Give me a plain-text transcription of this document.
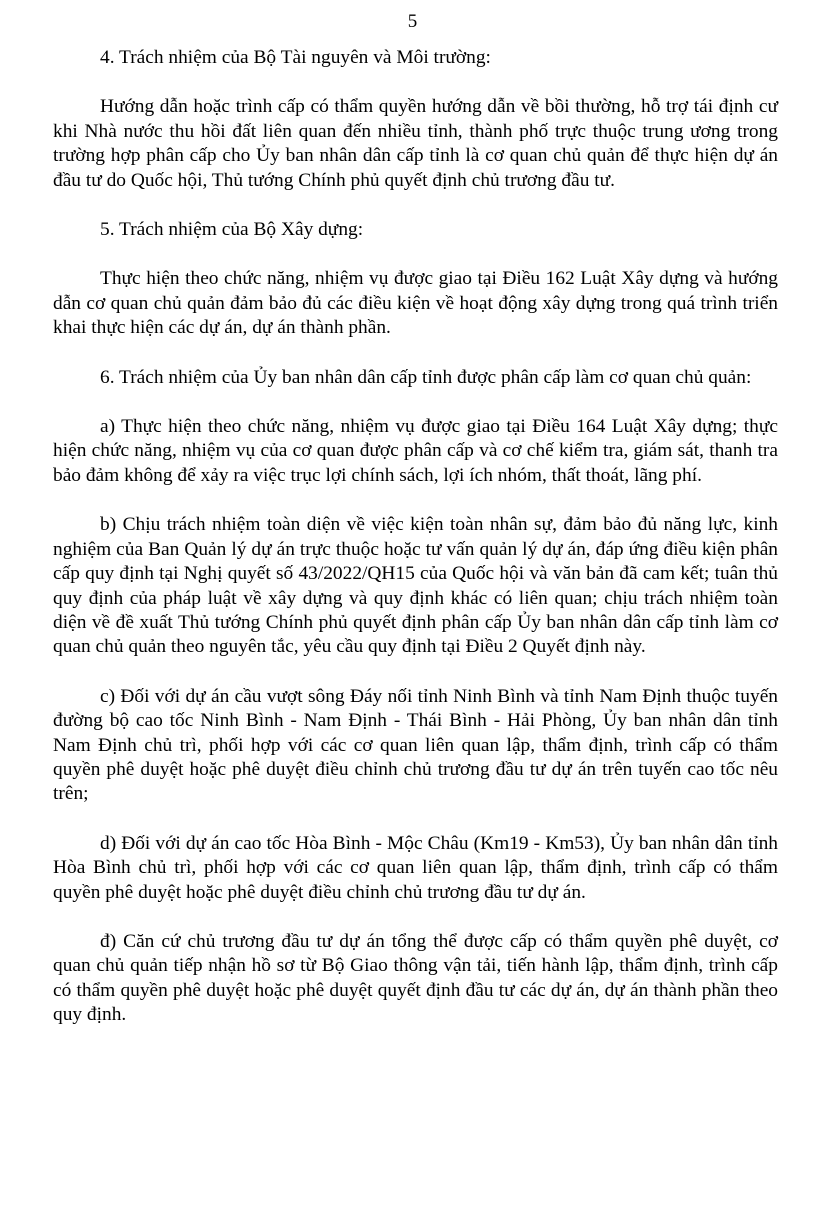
5

4. Trách nhiệm của Bộ Tài nguyên và Môi trường:

Hướng dẫn hoặc trình cấp có thẩm quyền hướng dẫn về bồi thường, hỗ trợ tái định cư khi Nhà nước thu hồi đất liên quan đến nhiều tỉnh, thành phố trực thuộc trung ương trong trường hợp phân cấp cho Ủy ban nhân dân cấp tỉnh là cơ quan chủ quản để thực hiện dự án đầu tư do Quốc hội, Thủ tướng Chính phủ quyết định chủ trương đầu tư.

5. Trách nhiệm của Bộ Xây dựng:

Thực hiện theo chức năng, nhiệm vụ được giao tại Điều 162 Luật Xây dựng và hướng dẫn cơ quan chủ quản đảm bảo đủ các điều kiện về hoạt động xây dựng trong quá trình triển khai thực hiện các dự án, dự án thành phần.

6. Trách nhiệm của Ủy ban nhân dân cấp tỉnh được phân cấp làm cơ quan chủ quản:

a) Thực hiện theo chức năng, nhiệm vụ được giao tại Điều 164 Luật Xây dựng; thực hiện chức năng, nhiệm vụ của cơ quan được phân cấp và cơ chế kiểm tra, giám sát, thanh tra bảo đảm không để xảy ra việc trục lợi chính sách, lợi ích nhóm, thất thoát, lãng phí.

b) Chịu trách nhiệm toàn diện về việc kiện toàn nhân sự, đảm bảo đủ năng lực, kinh nghiệm của Ban Quản lý dự án trực thuộc hoặc tư vấn quản lý dự án, đáp ứng điều kiện phân cấp quy định tại Nghị quyết số 43/2022/QH15 của Quốc hội và văn bản đã cam kết; tuân thủ quy định của pháp luật về xây dựng và quy định khác có liên quan; chịu trách nhiệm toàn diện về đề xuất Thủ tướng Chính phủ quyết định phân cấp Ủy ban nhân dân cấp tỉnh làm cơ quan chủ quản theo nguyên tắc, yêu cầu quy định tại Điều 2 Quyết định này.

c) Đối với dự án cầu vượt sông Đáy nối tỉnh Ninh Bình và tỉnh Nam Định thuộc tuyến đường bộ cao tốc Ninh Bình - Nam Định - Thái Bình - Hải Phòng, Ủy ban nhân dân tỉnh Nam Định chủ trì, phối hợp với các cơ quan liên quan lập, thẩm định, trình cấp có thẩm quyền phê duyệt hoặc phê duyệt điều chỉnh chủ trương đầu tư dự án trên tuyến cao tốc nêu trên;

d) Đối với dự án cao tốc Hòa Bình - Mộc Châu (Km19 - Km53), Ủy ban nhân dân tỉnh Hòa Bình chủ trì, phối hợp với các cơ quan liên quan lập, thẩm định, trình cấp có thẩm quyền phê duyệt hoặc phê duyệt điều chỉnh chủ trương đầu tư dự án.

đ) Căn cứ chủ trương đầu tư dự án tổng thể được cấp có thẩm quyền phê duyệt, cơ quan chủ quản tiếp nhận hồ sơ từ Bộ Giao thông vận tải, tiến hành lập, thẩm định, trình cấp có thẩm quyền phê duyệt hoặc phê duyệt quyết định đầu tư các dự án, dự án thành phần theo quy định.
